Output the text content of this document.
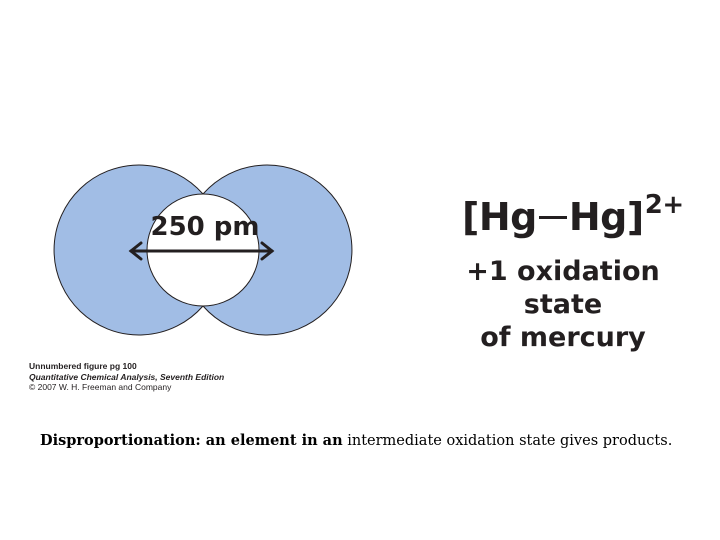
250 pm	[Hg Hg]$^{2+}$
+1 oxidation state
of mercury
Unnumbered figure pg 100
Quantitative Chemical Analysis, Seventh Edition
© 2007 W. H. Freeman and Company
Disproportionation: an element in an intermediate oxidation state gives products.
